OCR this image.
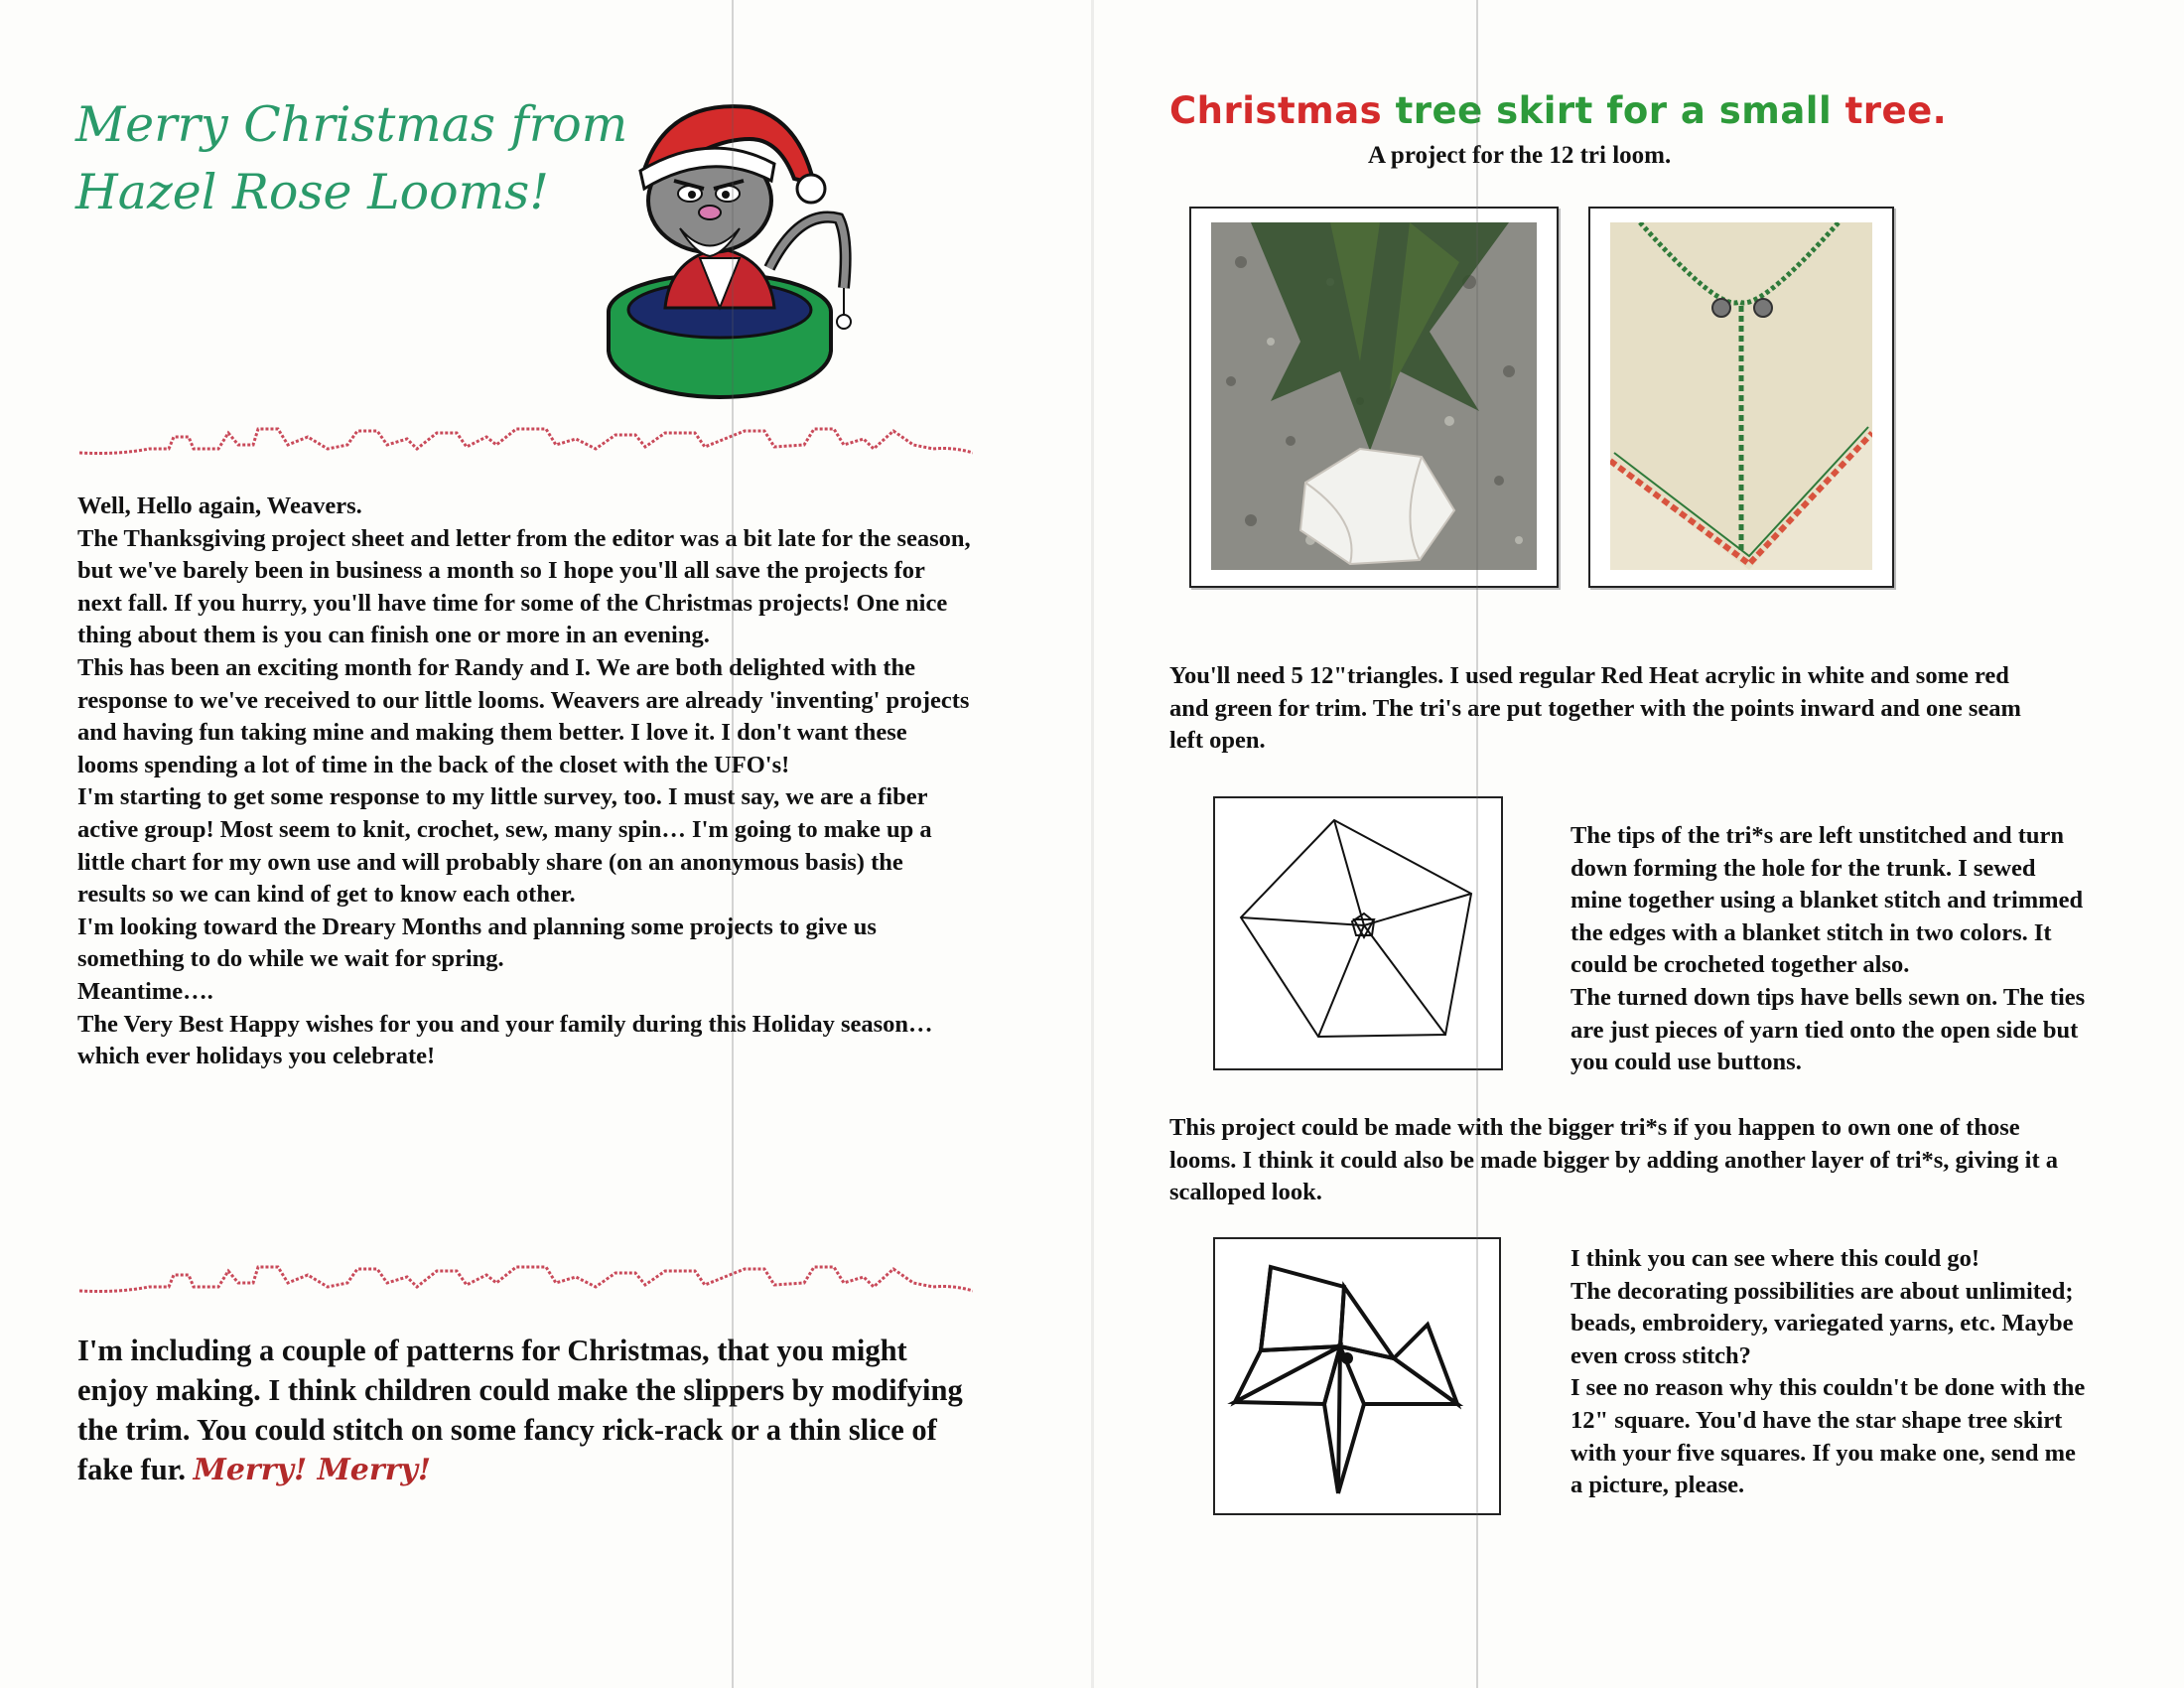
Merry Christmas from
Hazel Rose Looms!

Well, Hello again, Weavers.

The Thanksgiving project sheet and letter from the editor was a bit late for the season, but we've barely been in business a month so I hope you'll all save the projects for next fall. If you hurry, you'll have time for some of the Christmas projects! One nice thing about them is you can finish one or more in an evening.

This has been an exciting month for Randy and I. We are both delighted with the response to we've received to our little looms. Weavers are already 'inventing' projects and having fun taking mine and making them better. I love it. I don't want these looms spending a lot of time in the back of the closet with the UFO's!

I'm starting to get some response to my little survey, too. I must say, we are a fiber active group! Most seem to knit, crochet, sew, many spin… I'm going to make up a little chart for my own use and will probably share (on an anonymous basis) the results so we can kind of get to know each other.

I'm looking toward the Dreary Months and planning some projects to give us something to do while we wait for spring.

Meantime….

The Very Best Happy wishes for you and your family during this Holiday season… which ever holidays you celebrate!

I'm including a couple of patterns for Christmas, that you might enjoy making. I think children could make the slippers by modifying the trim. You could stitch on some fancy rick-rack or a thin slice of fake fur. Merry! Merry!

Christmas tree skirt for a small tree.

A project for the 12 tri loom.

You'll need 5 12"triangles. I used regular Red Heat acrylic in white and some red and green for trim. The tri's are put together with the points inward and one seam left open.

The tips of the tri*s are left unstitched and turn down forming the hole for the trunk. I sewed mine together using a blanket stitch and trimmed the edges with a blanket stitch in two colors. It could be crocheted together also.

The turned down tips have bells sewn on. The ties are just pieces of yarn tied onto the open side but you could use buttons.

This project could be made with the bigger tri*s if you happen to own one of those looms. I think it could also be made bigger by adding another layer of tri*s, giving it a scalloped look.

I think you can see where this could go!

The decorating possibilities are about unlimited; beads, embroidery, variegated yarns, etc. Maybe even cross stitch?

I see no reason why this couldn't be done with the 12" square. You'd have the star shape tree skirt with your five squares. If you make one, send me a picture, please.
